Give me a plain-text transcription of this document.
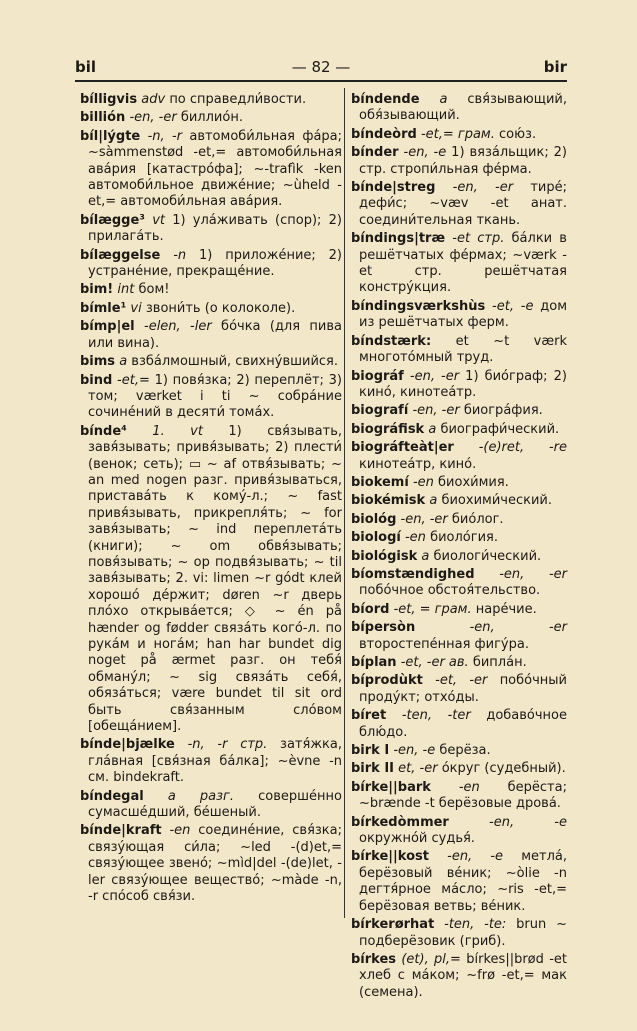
bil	— 82 —	bir

bílligvis adv по справедли́вости.

billión -en, -er биллио́н.

bíl|lýgte -n, -r автомоби́льная фа́ра; ~sàmmenstød -et,= автомоби́льная ава́рия [катастро́фа]; ~-trafìk -ken автомоби́льное движе́ние; ~ùheld -et,= автомоби́льная ава́рия.

bílægge³ vt 1) ула́живать (спор); 2) прилага́ть.

bílæggelse -n 1) приложе́ние; 2) устране́ние, прекраще́ние.

bim! int бом!

bímle¹ vi звони́ть (о колоколе).

bímp|el -elen, -ler бо́чка (для пива или вина).

bims a взба́лмошный, свихну́вшийся.

bind -et,= 1) повя́зка; 2) переплёт; 3) том; værket i ti ~ собра́ние сочине́ний в десяти́ тома́х.

bínde⁴ 1. vt 1) свя́зывать, завя́зывать; привя́зывать; 2) плести́ (венок; сеть); ▭ ~ af отвя́зывать; ~ an med nogen разг. привя́зываться, пристава́ть к кому́-л.; ~ fast привя́зывать, прикрепля́ть; ~ for завя́зывать; ~ ind переплета́ть (книги); ~ om обвя́зывать; повя́зывать; ~ op подвя́зывать; ~ til завя́зывать; 2. vi: limen ~r gódt клей хорошо́ де́ржит; døren ~r дверь пло́хо открыва́ется; ◇ ~ én på hænder og fødder связа́ть кого́-л. по рука́м и нога́м; han har bundet dig noget på ærmet разг. он тебя́ обману́л; ~ sig связа́ть себя́, обяза́ться; være bundet til sit ord быть свя́занным сло́вом [обеща́нием].

bínde|bjælke -n, -r стр. затя́жка, гла́вная [свя́зная ба́лка]; ~èvne -n см. bindekraft.

bíndegal a разг. соверше́нно сумасше́дший, бе́шеный.

bínde|kraft -en соедине́ние, свя́зка; связу́ющая си́ла; ~led -(d)et,= связу́ющее звено́; ~mìd|del -(de)let, -ler связу́ющее вещество́; ~màde -n, -r спо́соб свя́зи.

bíndende a свя́зывающий, обя́зывающий.

bíndeòrd -et,= грам. сою́з.

bínder -en, -e 1) вяза́льщик; 2) стр. стропи́льная фе́рма.

bínde|streg -en, -er тире́; дефи́с; ~væv -et анат. соедини́тельная ткань.

bíndings|træ -et стр. ба́лки в решётчатых фе́рмах; ~værk -et стр. решётчатая констру́кция.

bíndingsværkshùs -et, -e дом из решётчатых ферм.

bíndstærk: et ~t værk многото́мный труд.

biográf -en, -er 1) био́граф; 2) кино́, кинотеа́тр.

biografí -en, -er биогра́фия.

biográfisk a биографи́ческий.

biográfteàt|er -(e)ret, -re кинотеа́тр, кино́.

biokemí -en биохи́мия.

biokémisk a биохими́ческий.

biológ -en, -er био́лог.

biologí -en биоло́гия.

biológisk a биологи́ческий.

bíomstændighed -en, -er побо́чное обстоя́тельство.

bíord -et, = грам. наре́чие.

bípersòn	-en, -er второстепе́нная фигу́ра.

bíplan -et, -er ав. бипла́н.

bíprodùkt -et, -er побо́чный проду́кт; отхо́ды.

bíret -ten, -ter добаво́чное блю́до.

birk I -en, -e берёза.

birk II et, -er о́круг (судебный).

bírke||bark -en берёста; ~brænde -t берёзовые дрова́.

bírkedòmmer	-en, -e окружно́й судья́.

bírke||kost -en, -e метла́, берёзовый ве́ник; ~òlie -n дегтя́рное ма́сло; ~ris -et,= берёзовая ветвь; ве́ник.

bírkerørhat -ten, -te: brun ~ подберёзовик (гриб).

bírkes (et), pl,= bírkes||brød -et хлеб с ма́ком; ~frø -et,= мак (семена).
